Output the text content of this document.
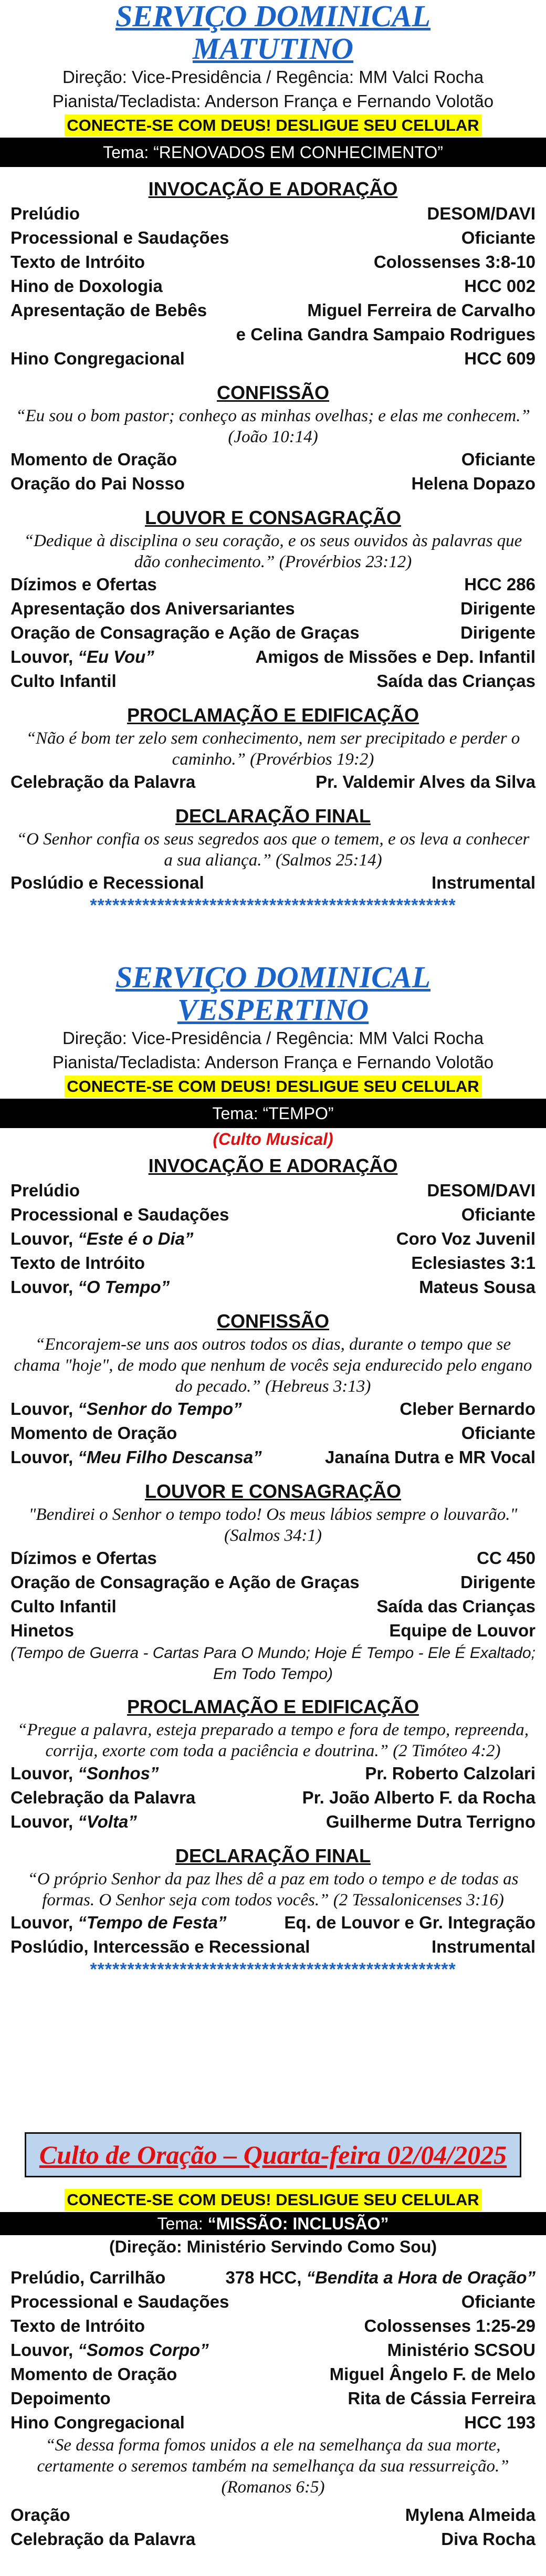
SERVIÇO DOMINICAL
MATUTINO
Direção: Vice-Presidência / Regência: MM Valci Rocha
Pianista/Tecladista: Anderson França e Fernando Volotão
CONECTE-SE COM DEUS! DESLIGUE SEU CELULAR
Tema: “RENOVADOS EM CONHECIMENTO”
INVOCAÇÃO E ADORAÇÃO
Prelúdio	DESOM/DAVI
Processional e Saudações	Oficiante
Texto de Intróito	Colossenses 3:8-10
Hino de Doxologia	HCC 002
Apresentação de Bebês	Miguel Ferreira de Carvalho
e Celina Gandra Sampaio Rodrigues
Hino Congregacional	HCC 609
CONFISSÃO
“Eu sou o bom pastor; conheço as minhas ovelhas; e elas me conhecem.” (João 10:14)
Momento de Oração	Oficiante
Oração do Pai Nosso	Helena Dopazo
LOUVOR E CONSAGRAÇÃO
“Dedique à disciplina o seu coração, e os seus ouvidos às palavras que dão conhecimento.” (Provérbios 23:12)
Dízimos e Ofertas	HCC 286
Apresentação dos Aniversariantes	Dirigente
Oração de Consagração e Ação de Graças	Dirigente
Louvor, “Eu Vou”	Amigos de Missões e Dep. Infantil
Culto Infantil	Saída das Crianças
PROCLAMAÇÃO E EDIFICAÇÃO
“Não é bom ter zelo sem conhecimento, nem ser precipitado e perder o caminho.” (Provérbios 19:2)
Celebração da Palavra	Pr. Valdemir Alves da Silva
DECLARAÇÃO FINAL
“O Senhor confia os seus segredos aos que o temem, e os leva a conhecer a sua aliança.” (Salmos 25:14)
Poslúdio e Recessional	Instrumental
*************************************************
SERVIÇO DOMINICAL
VESPERTINO
Direção: Vice-Presidência / Regência: MM Valci Rocha
Pianista/Tecladista: Anderson França e Fernando Volotão
CONECTE-SE COM DEUS! DESLIGUE SEU CELULAR
Tema: “TEMPO”
(Culto Musical)
INVOCAÇÃO E ADORAÇÃO
Prelúdio	DESOM/DAVI
Processional e Saudações	Oficiante
Louvor, “Este é o Dia”	Coro Voz Juvenil
Texto de Intróito	Eclesiastes 3:1
Louvor, “O Tempo”	Mateus Sousa
CONFISSÃO
“Encorajem-se uns aos outros todos os dias, durante o tempo que se chama "hoje", de modo que nenhum de vocês seja endurecido pelo engano do pecado.” (Hebreus 3:13)
Louvor, “Senhor do Tempo”	Cleber Bernardo
Momento de Oração	Oficiante
Louvor, “Meu Filho Descansa”	Janaína Dutra e MR Vocal
LOUVOR E CONSAGRAÇÃO
"Bendirei o Senhor o tempo todo! Os meus lábios sempre o louvarão." (Salmos 34:1)
Dízimos e Ofertas	CC 450
Oração de Consagração e Ação de Graças	Dirigente
Culto Infantil	Saída das Crianças
Hinetos	Equipe de Louvor
(Tempo de Guerra - Cartas Para O Mundo; Hoje É Tempo - Ele É Exaltado; Em Todo Tempo)
PROCLAMAÇÃO E EDIFICAÇÃO
“Pregue a palavra, esteja preparado a tempo e fora de tempo, repreenda, corrija, exorte com toda a paciência e doutrina.” (2 Timóteo 4:2)
Louvor, “Sonhos”	Pr. Roberto Calzolari
Celebração da Palavra	Pr. João Alberto F. da Rocha
Louvor, “Volta”	Guilherme Dutra Terrigno
DECLARAÇÃO FINAL
“O próprio Senhor da paz lhes dê a paz em todo o tempo e de todas as formas. O Senhor seja com todos vocês.” (2 Tessalonicenses 3:16)
Louvor, “Tempo de Festa”	Eq. de Louvor e Gr. Integração
Poslúdio, Intercessão e Recessional	Instrumental
*************************************************
Culto de Oração – Quarta-feira 02/04/2025
CONECTE-SE COM DEUS! DESLIGUE SEU CELULAR
Tema: “MISSÃO: INCLUSÃO”
(Direção: Ministério Servindo Como Sou)
Prelúdio, Carrilhão	378 HCC, “Bendita a Hora de Oração”
Processional e Saudações	Oficiante
Texto de Intróito	Colossenses 1:25-29
Louvor, “Somos Corpo”	Ministério SCSOU
Momento de Oração	Miguel Ângelo F. de Melo
Depoimento	Rita de Cássia Ferreira
Hino Congregacional	HCC 193
“Se dessa forma fomos unidos a ele na semelhança da sua morte, certamente o seremos também na semelhança da sua ressurreição.” (Romanos 6:5)
Oração	Mylena Almeida
Celebração da Palavra	Diva Rocha
